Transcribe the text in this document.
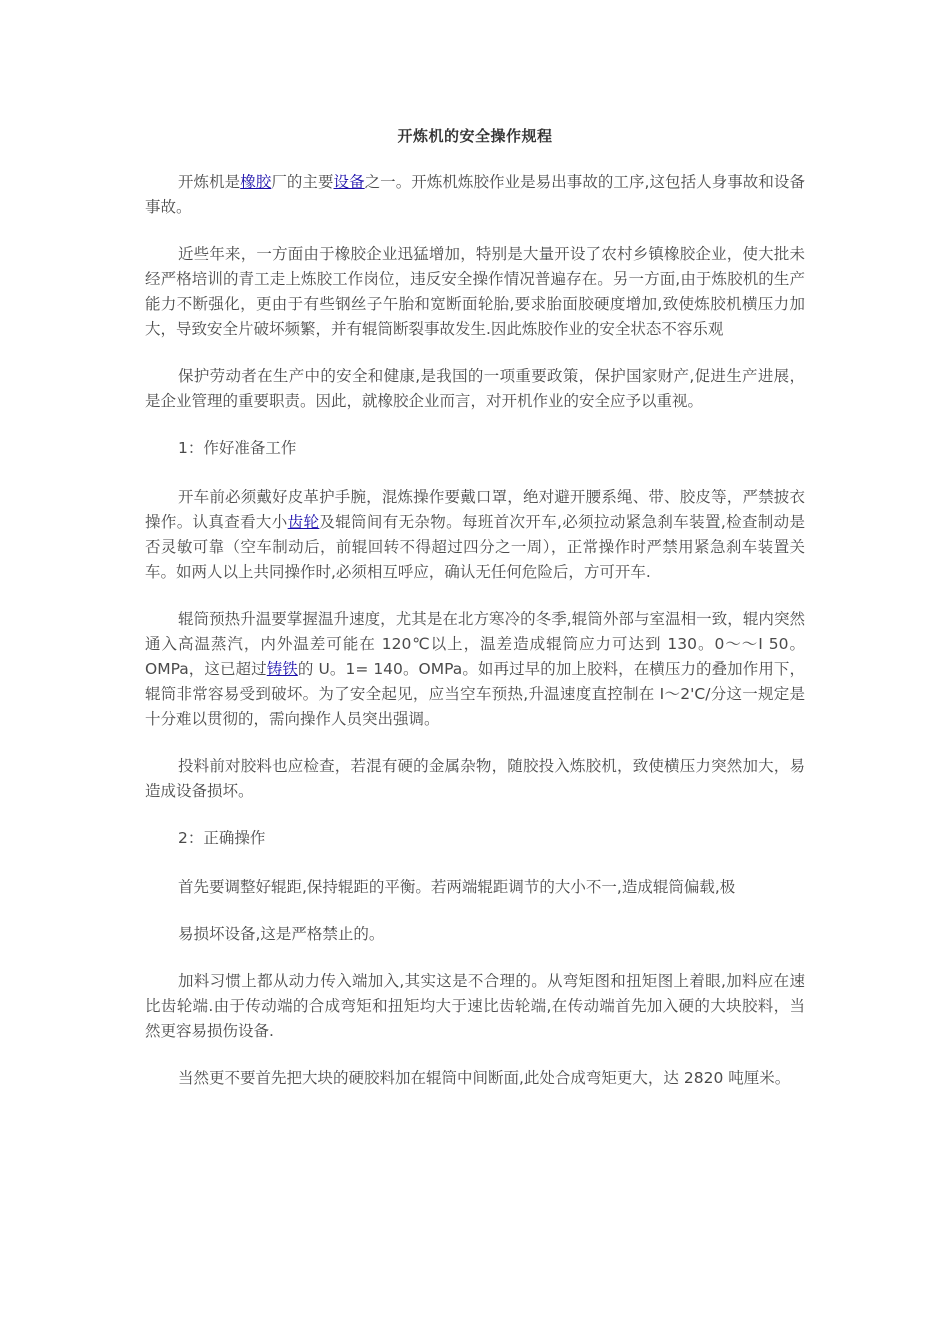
开炼机的安全操作规程

开炼机是橡胶厂的主要设备之一。开炼机炼胶作业是易出事故的工序,这包括人身事故和设备事故。

近些年来，一方面由于橡胶企业迅猛增加，特别是大量开设了农村乡镇橡胶企业，使大批未经严格培训的青工走上炼胶工作岗位，违反安全操作情况普遍存在。另一方面,由于炼胶机的生产能力不断强化，更由于有些钢丝子午胎和宽断面轮胎,要求胎面胶硬度增加,致使炼胶机横压力加大，导致安全片破坏频繁，并有辊筒断裂事故发生.因此炼胶作业的安全状态不容乐观

保护劳动者在生产中的安全和健康,是我国的一项重要政策，保护国家财产,促进生产进展，是企业管理的重要职责。因此，就橡胶企业而言，对开机作业的安全应予以重视。

1：作好准备工作

开车前必须戴好皮革护手腕，混炼操作要戴口罩，绝对避开腰系绳、带、胶皮等，严禁披衣操作。认真查看大小齿轮及辊筒间有无杂物。每班首次开车,必须拉动紧急刹车装置,检查制动是否灵敏可靠（空车制动后，前辊回转不得超过四分之一周），正常操作时严禁用紧急刹车装置关车。如两人以上共同操作时,必须相互呼应，确认无任何危险后，方可开车.

辊筒预热升温要掌握温升速度，尤其是在北方寒冷的冬季,辊筒外部与室温相一致，辊内突然通入高温蒸汽，内外温差可能在 120℃以上，温差造成辊筒应力可达到 130。0～～I 50。OMPa，这已超过铸铁的 U。1= 140。OMPa。如再过早的加上胶料，在横压力的叠加作用下，辊筒非常容易受到破坏。为了安全起见，应当空车预热,升温速度直控制在 I～2'C/分这一规定是十分难以贯彻的，需向操作人员突出强调。

投料前对胶料也应检查，若混有硬的金属杂物，随胶投入炼胶机，致使横压力突然加大，易造成设备损坏。

2：正确操作

首先要调整好辊距,保持辊距的平衡。若两端辊距调节的大小不一,造成辊筒偏载,极

易损坏设备,这是严格禁止的。

加料习惯上都从动力传入端加入,其实这是不合理的。从弯矩图和扭矩图上着眼,加料应在速比齿轮端.由于传动端的合成弯矩和扭矩均大于速比齿轮端,在传动端首先加入硬的大块胶料，当然更容易损伤设备.

当然更不要首先把大块的硬胶料加在辊筒中间断面,此处合成弯矩更大，达 2820 吨厘米。
